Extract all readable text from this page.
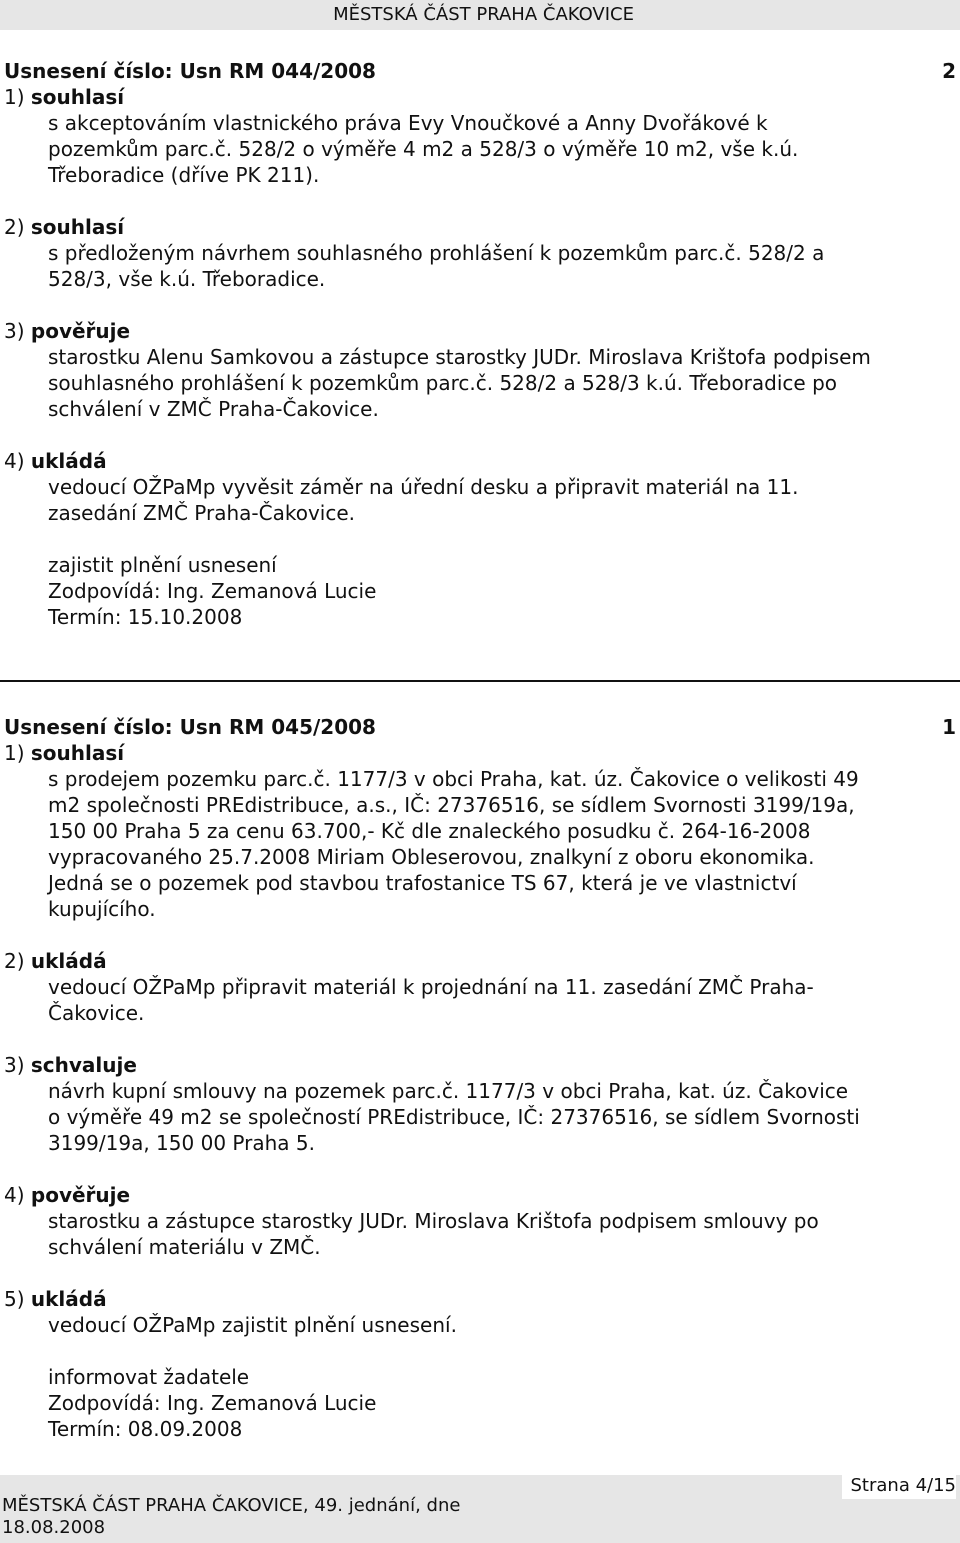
MĚSTSKÁ ČÁST PRAHA ČAKOVICE
Usnesení číslo: Usn RM 044/2008	2
1) souhlasí
s akceptováním vlastnického práva Evy Vnoučkové a Anny Dvořákové k
pozemkům parc.č. 528/2 o výměře 4 m2 a 528/3 o výměře 10 m2, vše k.ú.
Třeboradice (dříve PK 211).
2) souhlasí
s předloženým návrhem souhlasného prohlášení k pozemkům parc.č. 528/2 a
528/3, vše k.ú. Třeboradice.
3) pověřuje
starostku Alenu Samkovou a zástupce starostky JUDr. Miroslava Krištofa podpisem
souhlasného prohlášení k pozemkům parc.č. 528/2 a 528/3 k.ú. Třeboradice po
schválení v ZMČ Praha-Čakovice.
4) ukládá
vedoucí OŽPaMp vyvěsit záměr na úřední desku a připravit materiál na 11.
zasedání ZMČ Praha-Čakovice.
zajistit plnění usnesení
Zodpovídá: Ing. Zemanová Lucie
Termín: 15.10.2008
Usnesení číslo: Usn RM 045/2008	1
1) souhlasí
s prodejem pozemku parc.č. 1177/3 v obci Praha, kat. úz. Čakovice o velikosti 49
m2 společnosti PREdistribuce, a.s., IČ: 27376516, se sídlem Svornosti 3199/19a,
150 00 Praha 5 za cenu 63.700,- Kč dle znaleckého posudku č. 264-16-2008
vypracovaného 25.7.2008 Miriam Obleserovou, znalkyní z oboru ekonomika.
Jedná se o pozemek pod stavbou trafostanice TS 67, která je ve vlastnictví
kupujícího.
2) ukládá
vedoucí OŽPaMp připravit materiál k projednání na 11. zasedání ZMČ Praha-
Čakovice.
3) schvaluje
návrh kupní smlouvy na pozemek parc.č. 1177/3 v obci Praha, kat. úz. Čakovice
o výměře 49 m2 se společností PREdistribuce, IČ: 27376516, se sídlem Svornosti
3199/19a, 150 00 Praha 5.
4) pověřuje
starostku a zástupce starostky JUDr. Miroslava Krištofa podpisem smlouvy po
schválení materiálu v ZMČ.
5) ukládá
vedoucí OŽPaMp zajistit plnění usnesení.
informovat žadatele
Zodpovídá: Ing. Zemanová Lucie
Termín: 08.09.2008
MĚSTSKÁ ČÁST PRAHA ČAKOVICE, 49. jednání, dne
18.08.2008
Strana 4/15
